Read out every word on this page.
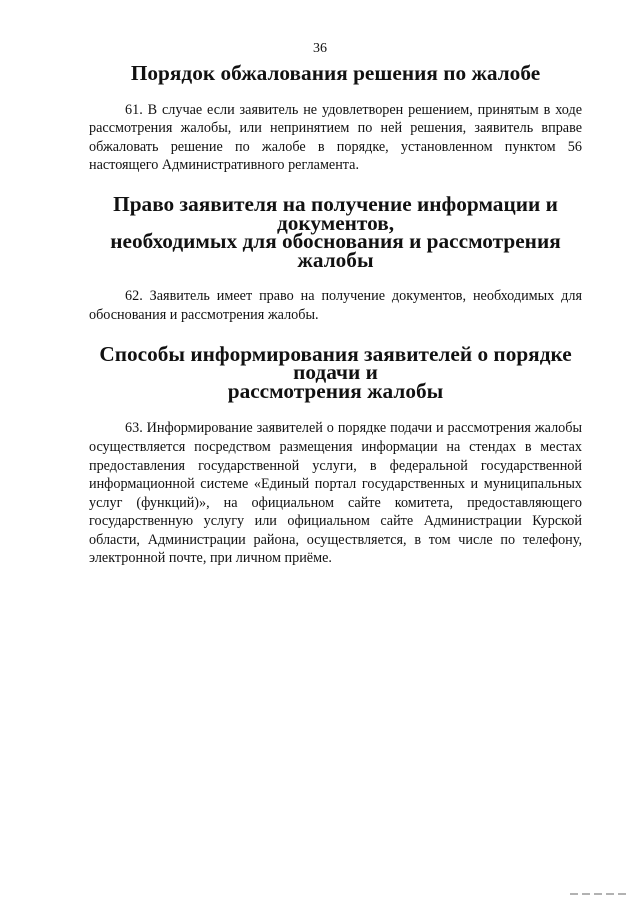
36
Порядок обжалования решения по жалобе

61. В случае если заявитель не удовлетворен решением, принятым в ходе рассмотрения жалобы, или непринятием по ней решения, заявитель вправе обжаловать решение по жалобе в порядке, установленном пунктом 56 настоящего Административного регламента.

Право заявителя на получение информации и документов,
необходимых для обоснования и рассмотрения жалобы

62. Заявитель имеет право на получение документов, необходимых для обоснования и рассмотрения жалобы.

Способы информирования заявителей о порядке подачи и
рассмотрения жалобы

63. Информирование заявителей о порядке подачи и рассмотрения жалобы осуществляется посредством размещения информации на стендах в местах предоставления государственной услуги, в федеральной государственной информационной системе «Единый портал государственных и муниципальных услуг (функций)», на официальном сайте комитета, предоставляющего государственную услугу или официальном сайте Администрации Курской области, Администрации района, осуществляется, в том числе по телефону, электронной почте, при личном приёме.
